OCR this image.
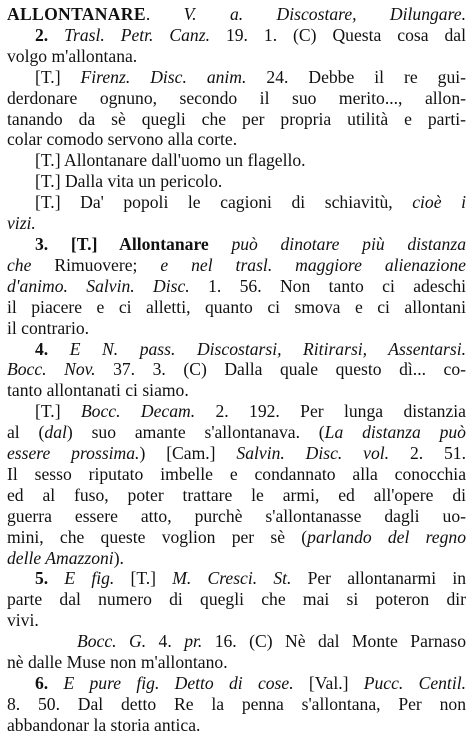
ALLONTANARE. V. a. Discostare, Dilungare.
2. Trasl. Petr. Canz. 19. 1. (C) Questa cosa dal
volgo m'allontana.
[T.] Firenz. Disc. anim. 24. Debbe il re gui-
derdonare ognuno, secondo il suo merito..., allon-
tanando da sè quegli che per propria utilità e parti-
colar comodo servono alla corte.
[T.] Allontanare dall'uomo un flagello.
[T.] Dalla vita un pericolo.
[T.] Da' popoli le cagioni di schiavitù, cioè i
vizi.
3. [T.] Allontanare può dinotare più distanza
che Rimuovere; e nel trasl. maggiore alienazione
d'animo. Salvin. Disc. 1. 56. Non tanto ci adeschi
il piacere e ci alletti, quanto ci smova e ci allontani
il contrario.
4. E N. pass. Discostarsi, Ritirarsi, Assentarsi.
Bocc. Nov. 37. 3. (C) Dalla quale questo dì... co-
tanto allontanati ci siamo.
[T.] Bocc. Decam. 2. 192. Per lunga distanzia
al (dal) suo amante s'allontanava. (La distanza può
essere prossima.) [Cam.] Salvin. Disc. vol. 2. 51.
Il sesso riputato imbelle e condannato alla conocchia
ed al fuso, poter trattare le armi, ed all'opere di
guerra essere atto, purchè s'allontanasse dagli uo-
mini, che queste voglion per sè (parlando del regno
delle Amazzoni).
5. E fig. [T.] M. Cresci. St. Per allontanarmi in
parte dal numero di quegli che mai si poteron dir
vivi.
Bocc. G. 4. pr. 16. (C) Nè dal Monte Parnaso
nè dalle Muse non m'allontano.
6. E pure fig. Detto di cose. [Val.] Pucc. Centil.
8. 50. Dal detto Re la penna s'allontana, Per non
abbandonar la storia antica.
